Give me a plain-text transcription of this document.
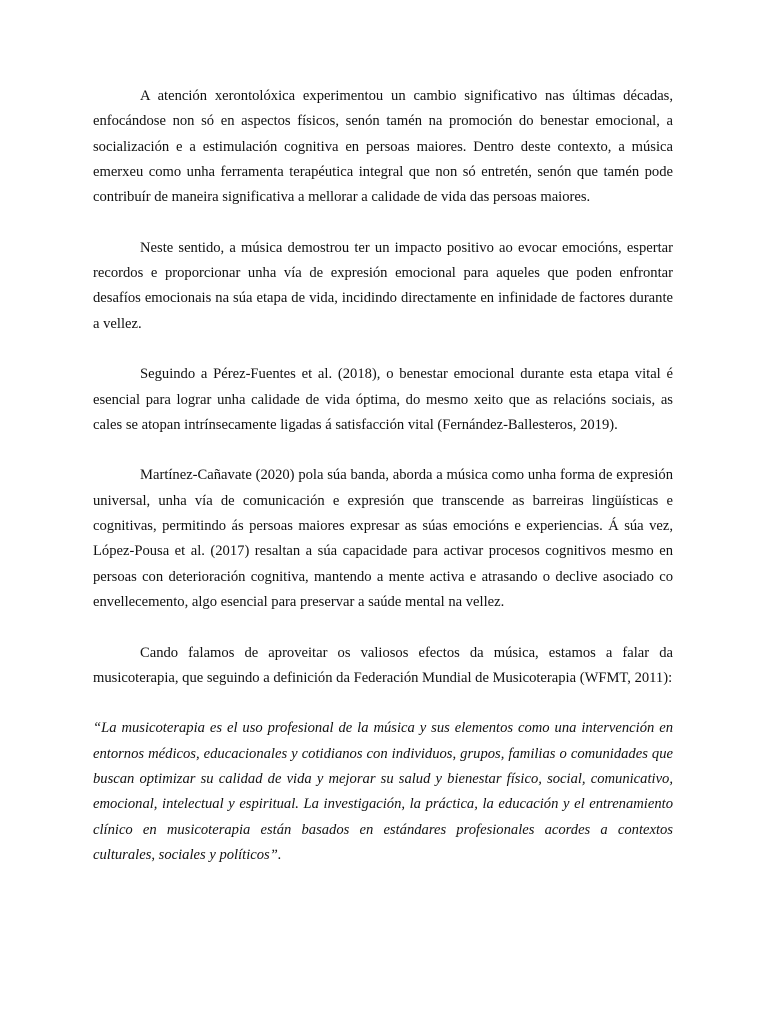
A atención xerontolóxica experimentou un cambio significativo nas últimas décadas, enfocándose non só en aspectos físicos, senón tamén na promoción do benestar emocional, a socialización e a estimulación cognitiva en persoas maiores. Dentro deste contexto, a música emerxeu como unha ferramenta terapéutica integral que non só entretén, senón que tamén pode contribuír de maneira significativa a mellorar a calidade de vida das persoas maiores.

Neste sentido, a música demostrou ter un impacto positivo ao evocar emocións, espertar recordos e proporcionar unha vía de expresión emocional para aqueles que poden enfrontar desafíos emocionais na súa etapa de vida, incidindo directamente en infinidade de factores durante a vellez.

Seguindo a Pérez-Fuentes et al. (2018), o benestar emocional durante esta etapa vital é esencial para lograr unha calidade de vida óptima, do mesmo xeito que as relacións sociais, as cales se atopan intrínsecamente ligadas á satisfacción vital (Fernández-Ballesteros, 2019).

Martínez-Cañavate (2020) pola súa banda, aborda a música como unha forma de expresión universal, unha vía de comunicación e expresión que transcende as barreiras lingüísticas e cognitivas, permitindo ás persoas maiores expresar as súas emocións e experiencias. Á súa vez, López-Pousa et al. (2017) resaltan a súa capacidade para activar procesos cognitivos mesmo en persoas con deterioración cognitiva, mantendo a mente activa e atrasando o declive asociado co envellecemento, algo esencial para preservar a saúde mental na vellez.

Cando falamos de aproveitar os valiosos efectos da música, estamos a falar da musicoterapia, que seguindo a definición da Federación Mundial de Musicoterapia (WFMT, 2011):

“La musicoterapia es el uso profesional de la música y sus elementos como una intervención en entornos médicos, educacionales y cotidianos con individuos, grupos, familias o comunidades que buscan optimizar su calidad de vida y mejorar su salud y bienestar físico, social, comunicativo, emocional, intelectual y espiritual. La investigación, la práctica, la educación y el entrenamiento clínico en musicoterapia están basados en estándares profesionales acordes a contextos culturales, sociales y políticos”.
